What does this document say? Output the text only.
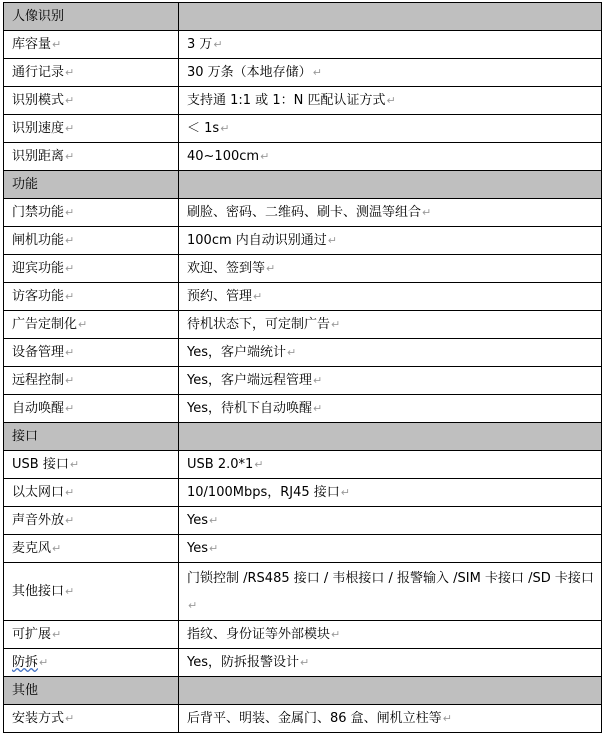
人像识别	
库容量↵	3 万↵
通行记录↵	30 万条（本地存储）↵
识别模式↵	支持通 1:1 或 1：N 匹配认证方式↵
识别速度↵	＜ 1s↵
识别距离↵	40~100cm↵
功能	
门禁功能↵	刷脸、密码、二维码、刷卡、测温等组合↵
闸机功能↵	100cm 内自动识别通过↵
迎宾功能↵	欢迎、签到等↵
访客功能↵	预约、管理↵
广告定制化↵	待机状态下，可定制广告↵
设备管理↵	Yes，客户端统计↵
远程控制↵	Yes，客户端远程管理↵
自动唤醒↵	Yes，待机下自动唤醒↵
接口	
USB 接口↵	USB 2.0*1↵
以太网口↵	10/100Mbps，RJ45 接口↵
声音外放↵	Yes↵
麦克风↵	Yes↵
其他接口↵	门锁控制 /RS485 接口 / 韦根接口 / 报警输入 /SIM 卡接口 /SD 卡接口↵
可扩展↵	指纹、身份证等外部模块↵
防拆↵	Yes，防拆报警设计↵
其他	
安装方式↵	后背平、明装、金属门、86 盒、闸机立柱等↵
